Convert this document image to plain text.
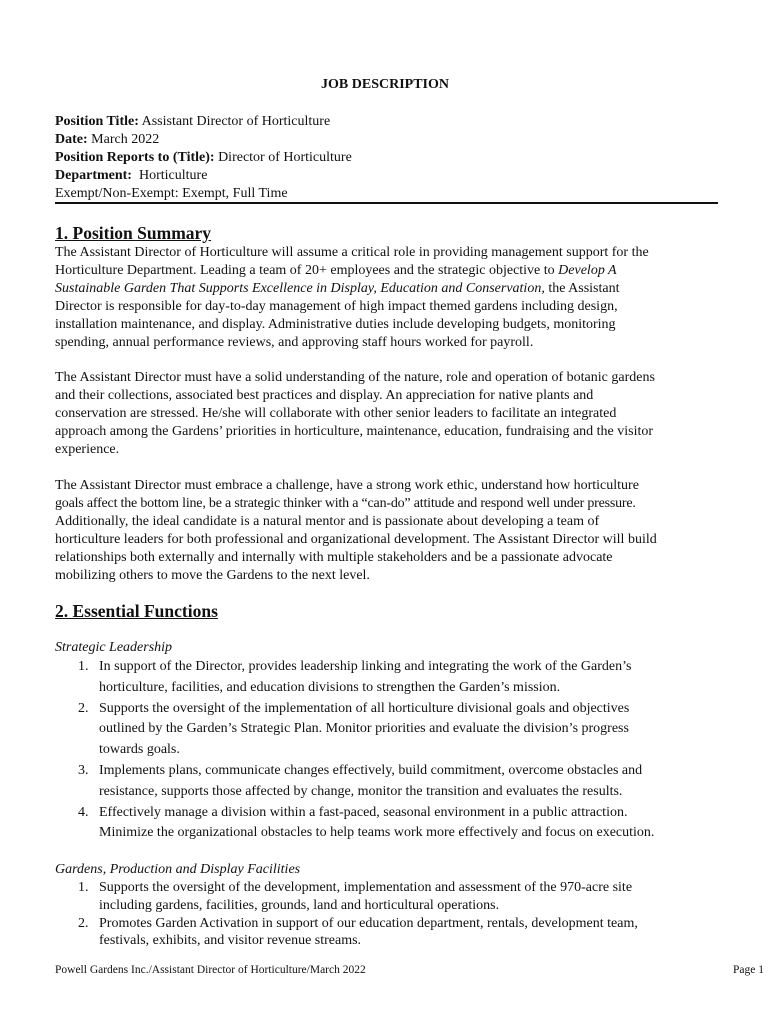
JOB DESCRIPTION
Position Title: Assistant Director of Horticulture
Date: March 2022
Position Reports to (Title): Director of Horticulture
Department:  Horticulture
Exempt/Non-Exempt: Exempt, Full Time
1. Position Summary
The Assistant Director of Horticulture will assume a critical role in providing management support for the
Horticulture Department. Leading a team of 20+ employees and the strategic objective to Develop A
Sustainable Garden That Supports Excellence in Display, Education and Conservation, the Assistant
Director is responsible for day-to-day management of high impact themed gardens including design,
installation maintenance, and display. Administrative duties include developing budgets, monitoring
spending, annual performance reviews, and approving staff hours worked for payroll.
The Assistant Director must have a solid understanding of the nature, role and operation of botanic gardens
and their collections, associated best practices and display. An appreciation for native plants and
conservation are stressed. He/she will collaborate with other senior leaders to facilitate an integrated
approach among the Gardens’ priorities in horticulture, maintenance, education, fundraising and the visitor
experience.
The Assistant Director must embrace a challenge, have a strong work ethic, understand how horticulture
goals affect the bottom line, be a strategic thinker with a “can-do” attitude and respond well under pressure.
Additionally, the ideal candidate is a natural mentor and is passionate about developing a team of
horticulture leaders for both professional and organizational development. The Assistant Director will build
relationships both externally and internally with multiple stakeholders and be a passionate advocate
mobilizing others to move the Gardens to the next level.
2. Essential Functions
Strategic Leadership
1. In support of the Director, provides leadership linking and integrating the work of the Garden’s
horticulture, facilities, and education divisions to strengthen the Garden’s mission.
2. Supports the oversight of the implementation of all horticulture divisional goals and objectives
outlined by the Garden’s Strategic Plan. Monitor priorities and evaluate the division’s progress
towards goals.
3. Implements plans, communicate changes effectively, build commitment, overcome obstacles and
resistance, supports those affected by change, monitor the transition and evaluates the results.
4. Effectively manage a division within a fast-paced, seasonal environment in a public attraction.
Minimize the organizational obstacles to help teams work more effectively and focus on execution.
Gardens, Production and Display Facilities
1. Supports the oversight of the development, implementation and assessment of the 970-acre site
including gardens, facilities, grounds, land and horticultural operations.
2. Promotes Garden Activation in support of our education department, rentals, development team,
festivals, exhibits, and visitor revenue streams.
Powell Gardens Inc./Assistant Director of Horticulture/March 2022	Page 1
